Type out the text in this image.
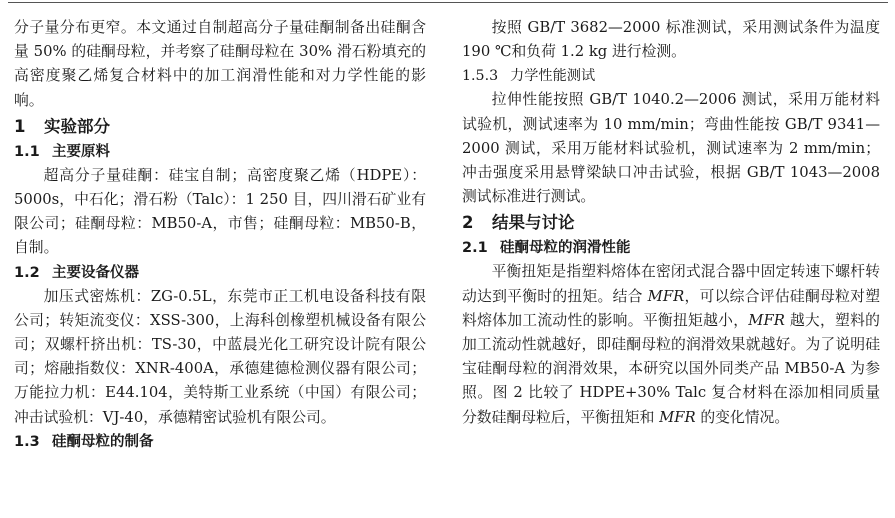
分子量分布更窄。本文通过自制超高分子量硅酮制备出硅酮含量 50% 的硅酮母粒，并考察了硅酮母粒在 30% 滑石粉填充的高密度聚乙烯复合材料中的加工润滑性能和对力学性能的影响。

1 实验部分
1.1 主要原料

超高分子量硅酮：硅宝自制；高密度聚乙烯（HDPE）：5000s，中石化；滑石粉（Talc）：1 250 目，四川滑石矿业有限公司；硅酮母粒：MB50-A，市售；硅酮母粒：MB50-B，自制。

1.2 主要设备仪器

加压式密炼机：ZG-0.5L，东莞市正工机电设备科技有限公司；转矩流变仪：XSS-300，上海科创橡塑机械设备有限公司；双螺杆挤出机：TS-30，中蓝晨光化工研究设计院有限公司；熔融指数仪：XNR-400A，承德建德检测仪器有限公司；万能拉力机：E44.104，美特斯工业系统（中国）有限公司；冲击试验机：VJ-40，承德精密试验机有限公司。

1.3 硅酮母粒的制备

按照 GB/T 3682—2000 标准测试，采用测试条件为温度 190 ℃和负荷 1.2 kg 进行检测。

1.5.3 力学性能测试

拉伸性能按照 GB/T 1040.2—2006 测试，采用万能材料试验机，测试速率为 10 mm/min；弯曲性能按 GB/T 9341—2000 测试，采用万能材料试验机，测试速率为 2 mm/min；冲击强度采用悬臂梁缺口冲击试验，根据 GB/T 1043—2008 测试标准进行测试。

2 结果与讨论
2.1 硅酮母粒的润滑性能

平衡扭矩是指塑料熔体在密闭式混合器中固定转速下螺杆转动达到平衡时的扭矩。结合 MFR，可以综合评估硅酮母粒对塑料熔体加工流动性的影响。平衡扭矩越小，MFR 越大，塑料的加工流动性就越好，即硅酮母粒的润滑效果就越好。为了说明硅宝硅酮母粒的润滑效果，本研究以国外同类产品 MB50-A 为参照。图 2 比较了 HDPE+30% Talc 复合材料在添加相同质量分数硅酮母粒后，平衡扭矩和 MFR 的变化情况。
